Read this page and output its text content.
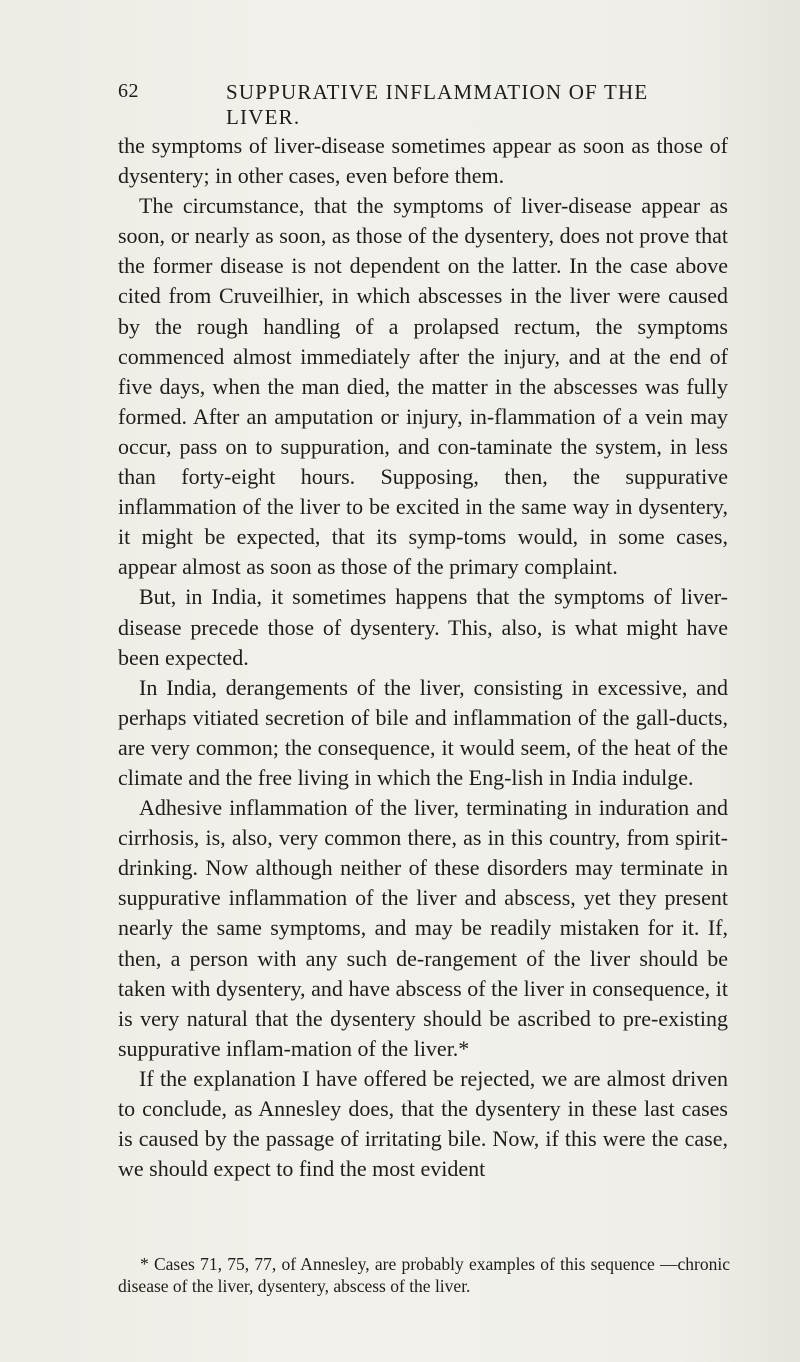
62	SUPPURATIVE INFLAMMATION OF THE LIVER.

the symptoms of liver-disease sometimes appear as soon as those of dysentery; in other cases, even before them.

The circumstance, that the symptoms of liver-disease appear as soon, or nearly as soon, as those of the dysentery, does not prove that the former disease is not dependent on the latter. In the case above cited from Cruveilhier, in which abscesses in the liver were caused by the rough handling of a prolapsed rectum, the symptoms commenced almost immediately after the injury, and at the end of five days, when the man died, the matter in the abscesses was fully formed. After an amputation or injury, in-flammation of a vein may occur, pass on to suppuration, and con-taminate the system, in less than forty-eight hours. Supposing, then, the suppurative inflammation of the liver to be excited in the same way in dysentery, it might be expected, that its symp-toms would, in some cases, appear almost as soon as those of the primary complaint.

But, in India, it sometimes happens that the symptoms of liver-disease precede those of dysentery. This, also, is what might have been expected.

In India, derangements of the liver, consisting in excessive, and perhaps vitiated secretion of bile and inflammation of the gall-ducts, are very common; the consequence, it would seem, of the heat of the climate and the free living in which the Eng-lish in India indulge.

Adhesive inflammation of the liver, terminating in induration and cirrhosis, is, also, very common there, as in this country, from spirit-drinking. Now although neither of these disorders may terminate in suppurative inflammation of the liver and abscess, yet they present nearly the same symptoms, and may be readily mistaken for it. If, then, a person with any such de-rangement of the liver should be taken with dysentery, and have abscess of the liver in consequence, it is very natural that the dysentery should be ascribed to pre-existing suppurative inflam-mation of the liver.*

If the explanation I have offered be rejected, we are almost driven to conclude, as Annesley does, that the dysentery in these last cases is caused by the passage of irritating bile. Now, if this were the case, we should expect to find the most evident

* Cases 71, 75, 77, of Annesley, are probably examples of this sequence —chronic disease of the liver, dysentery, abscess of the liver.
